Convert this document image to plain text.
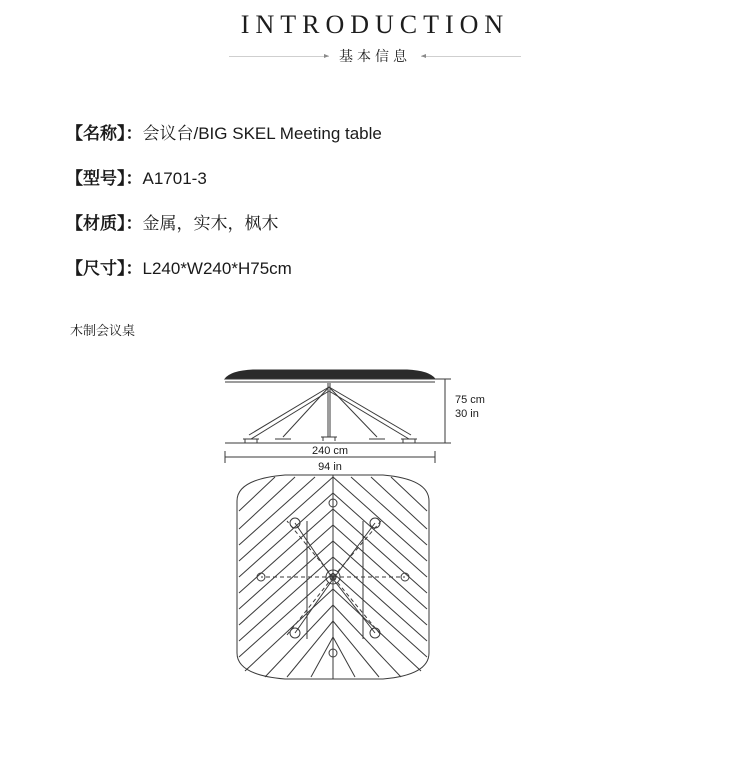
INTRODUCTION
基本信息
【名称】：会议台/BIG SKEL Meeting table
【型号】：A1701-3
【材质】：金属，实木，枫木
【尺寸】：L240*W240*H75cm
木制会议桌
75 cm
30 in
240 cm
94 in
